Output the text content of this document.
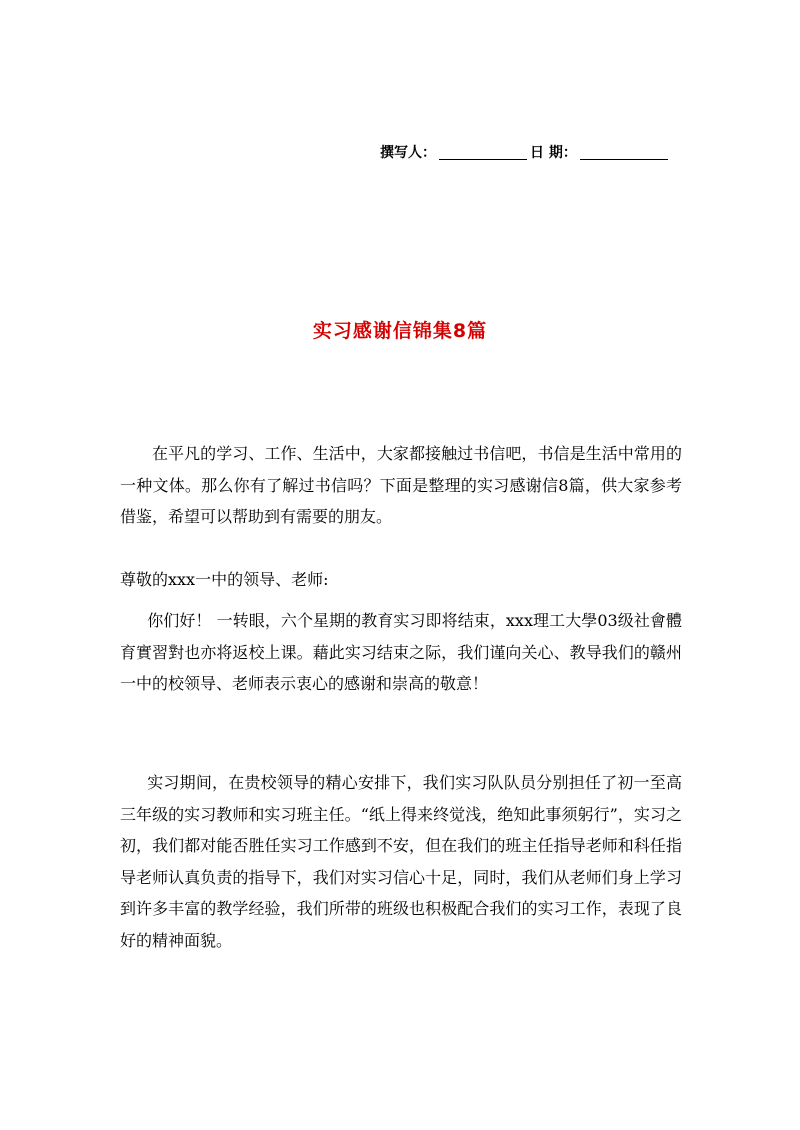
撰写人：	日 期：
实习感谢信锦集8篇

在平凡的学习、工作、生活中，大家都接触过书信吧，书信是生活中常用的一种文体。那么你有了解过书信吗？下面是整理的实习感谢信8篇，供大家参考借鉴，希望可以帮助到有需要的朋友。

尊敬的xxx一中的领导、老师:

你们好！ 一转眼，六个星期的教育实习即将结束，xxx理工大學03级社會體育實習對也亦将返校上课。藉此实习结束之际，我们谨向关心、教导我们的赣州一中的校领导、老师表示衷心的感谢和崇高的敬意！

实习期间，在贵校领导的精心安排下，我们实习队队员分别担任了初一至高三年级的实习教师和实习班主任。“纸上得来终觉浅，绝知此事须躬行”，实习之初，我们都对能否胜任实习工作感到不安，但在我们的班主任指导老师和科任指导老师认真负责的指导下，我们对实习信心十足，同时，我们从老师们身上学习到许多丰富的教学经验，我们所带的班级也积极配合我们的实习工作，表现了良好的精神面貌。
